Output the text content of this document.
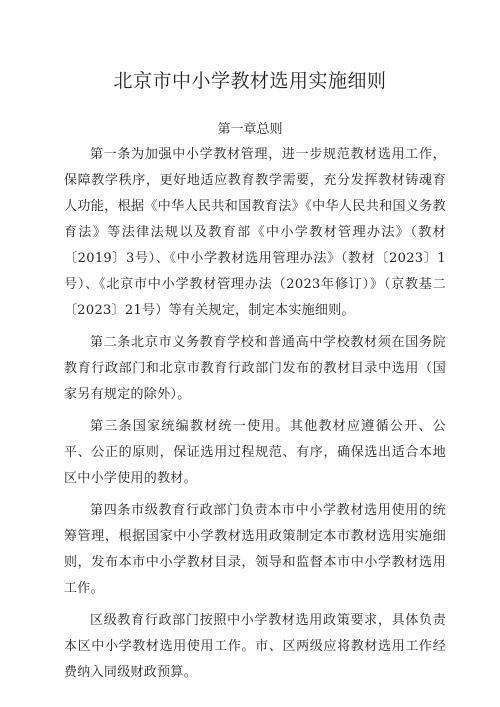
北京市中小学教材选用实施细则
第一章总则

第一条为加强中小学教材管理，进一步规范教材选用工作，保障教学秩序，更好地适应教育教学需要，充分发挥教材铸魂育人功能，根据《中华人民共和国教育法》《中华人民共和国义务教育法》等法律法规以及教育部《中小学教材管理办法》（教材〔2019〕3号）、《中小学教材选用管理办法》（教材〔2023〕1号）、《北京市中小学教材管理办法（2023年修订）》（京教基二〔2023〕21号）等有关规定，制定本实施细则。

第二条北京市义务教育学校和普通高中学校教材须在国务院教育行政部门和北京市教育行政部门发布的教材目录中选用（国家另有规定的除外）。

第三条国家统编教材统一使用。其他教材应遵循公开、公平、公正的原则，保证选用过程规范、有序，确保选出适合本地区中小学使用的教材。

第四条市级教育行政部门负责本市中小学教材选用使用的统筹管理，根据国家中小学教材选用政策制定本市教材选用实施细则，发布本市中小学教材目录，领导和监督本市中小学教材选用工作。

区级教育行政部门按照中小学教材选用政策要求，具体负责本区中小学教材选用使用工作。市、区两级应将教材选用工作经费纳入同级财政预算。
